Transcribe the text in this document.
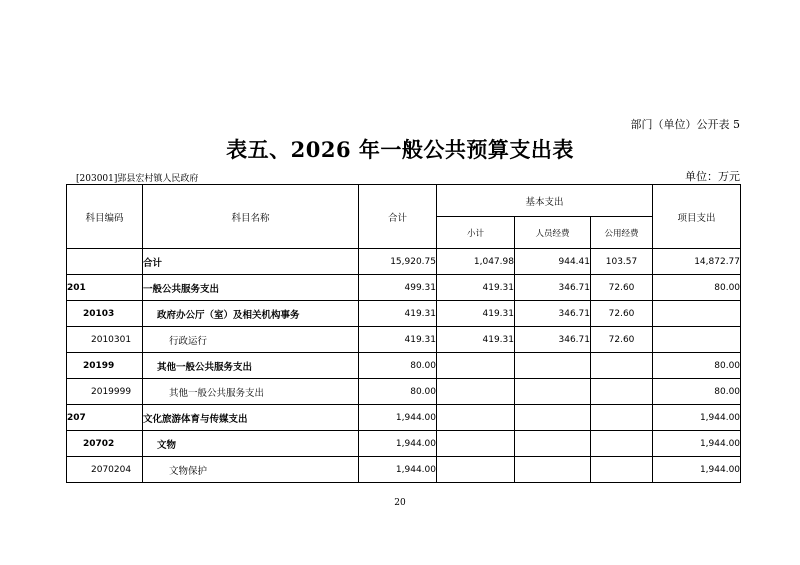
部门（单位）公开表 5
表五、2026 年一般公共预算支出表
[203001]郢县宏村镇人民政府	单位：万元
科目编码	科目名称	合计	基本支出			项目支出
			小计	人员经费	公用经费	
	合计	15,920.75	1,047.98	944.41	103.57	14,872.77
201	一般公共服务支出	499.31	419.31	346.71	72.60	80.00
20103	政府办公厅（室）及相关机构事务	419.31	419.31	346.71	72.60	
2010301	行政运行	419.31	419.31	346.71	72.60	
20199	其他一般公共服务支出	80.00				80.00
2019999	其他一般公共服务支出	80.00				80.00
207	文化旅游体育与传媒支出	1,944.00				1,944.00
20702	文物	1,944.00				1,944.00
2070204	文物保护	1,944.00				1,944.00
20
